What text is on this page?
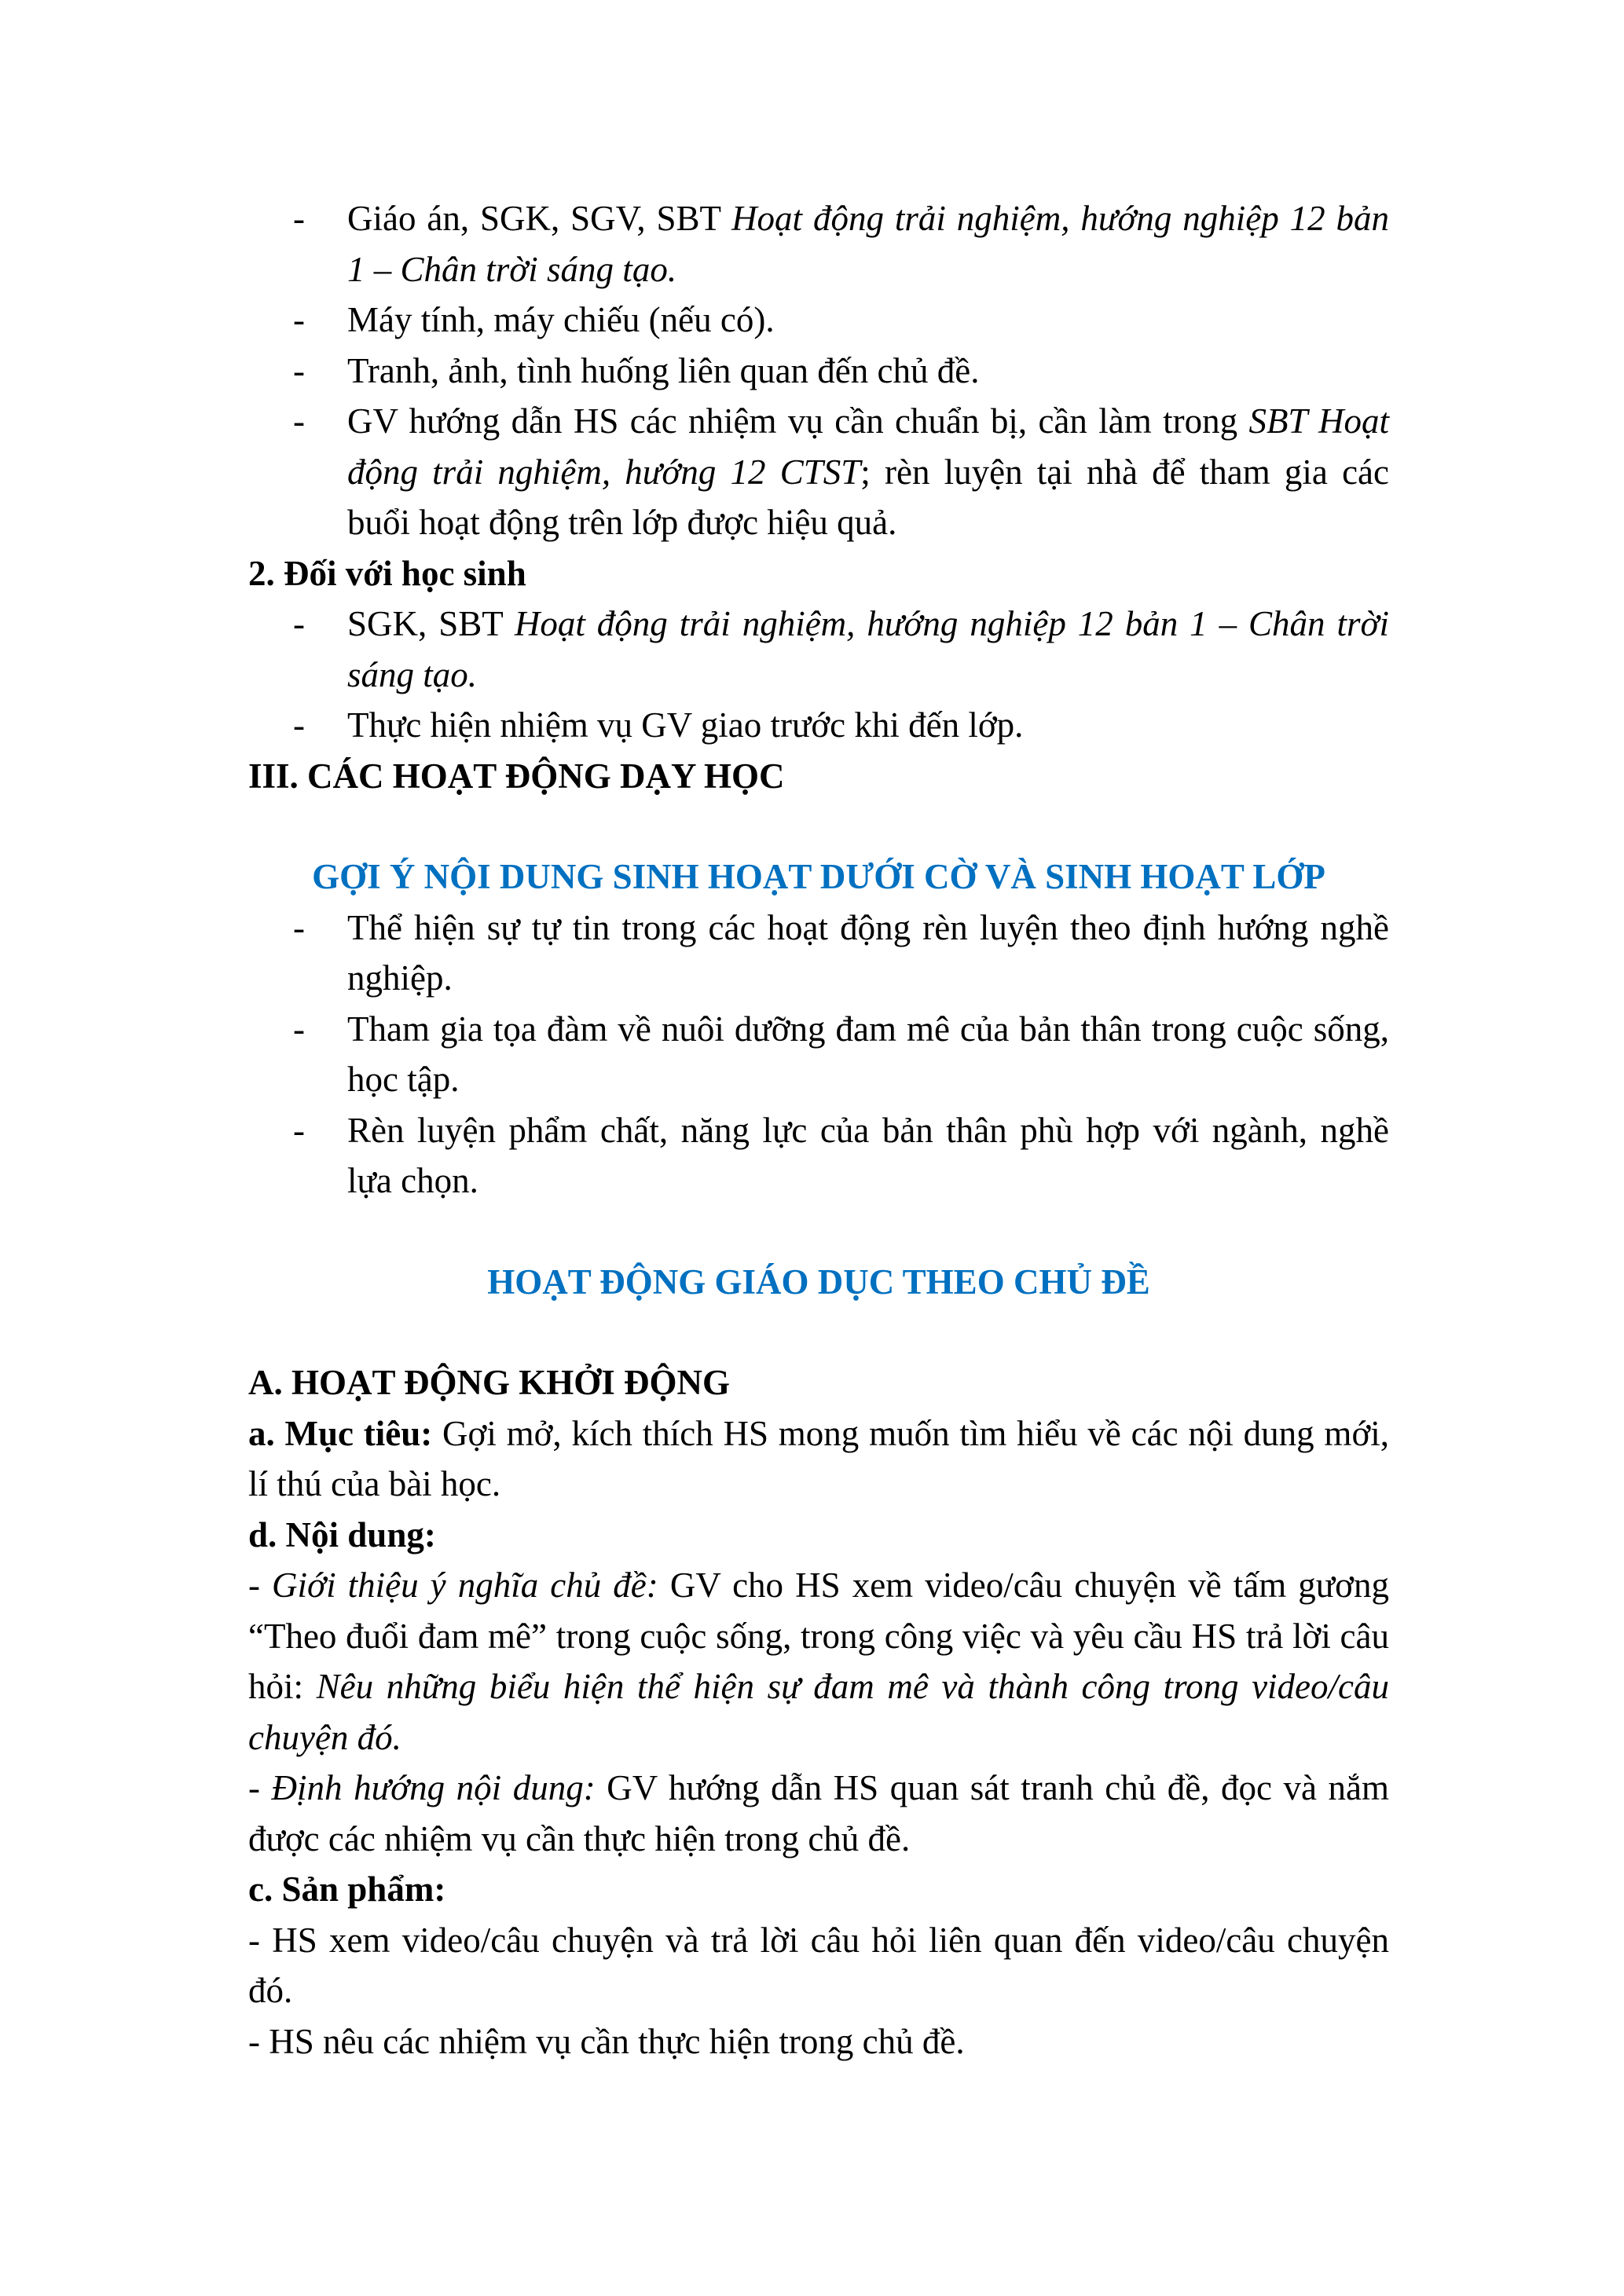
- Giáo án, SGK, SGV, SBT Hoạt động trải nghiệm, hướng nghiệp 12 bản 1 – Chân trời sáng tạo.
- Máy tính, máy chiếu (nếu có).
- Tranh, ảnh, tình huống liên quan đến chủ đề.
- GV hướng dẫn HS các nhiệm vụ cần chuẩn bị, cần làm trong SBT Hoạt động trải nghiệm, hướng 12 CTST; rèn luyện tại nhà để tham gia các buổi hoạt động trên lớp được hiệu quả.
2. Đối với học sinh
- SGK, SBT Hoạt động trải nghiệm, hướng nghiệp 12 bản 1 – Chân trời sáng tạo.
- Thực hiện nhiệm vụ GV giao trước khi đến lớp.
III. CÁC HOẠT ĐỘNG DẠY HỌC
GỢI Ý NỘI DUNG SINH HOẠT DƯỚI CỜ VÀ SINH HOẠT LỚP
- Thể hiện sự tự tin trong các hoạt động rèn luyện theo định hướng nghề nghiệp.
- Tham gia tọa đàm về nuôi dưỡng đam mê của bản thân trong cuộc sống, học tập.
- Rèn luyện phẩm chất, năng lực của bản thân phù hợp với ngành, nghề lựa chọn.
HOẠT ĐỘNG GIÁO DỤC THEO CHỦ ĐỀ
A. HOẠT ĐỘNG KHỞI ĐỘNG
a. Mục tiêu: Gợi mở, kích thích HS mong muốn tìm hiểu về các nội dung mới, lí thú của bài học.
d. Nội dung:
- Giới thiệu ý nghĩa chủ đề: GV cho HS xem video/câu chuyện về tấm gương “Theo đuổi đam mê” trong cuộc sống, trong công việc và yêu cầu HS trả lời câu hỏi: Nêu những biểu hiện thể hiện sự đam mê và thành công trong video/câu chuyện đó.
- Định hướng nội dung: GV hướng dẫn HS quan sát tranh chủ đề, đọc và nắm được các nhiệm vụ cần thực hiện trong chủ đề.
c. Sản phẩm:
- HS xem video/câu chuyện và trả lời câu hỏi liên quan đến video/câu chuyện đó.
- HS nêu các nhiệm vụ cần thực hiện trong chủ đề.
